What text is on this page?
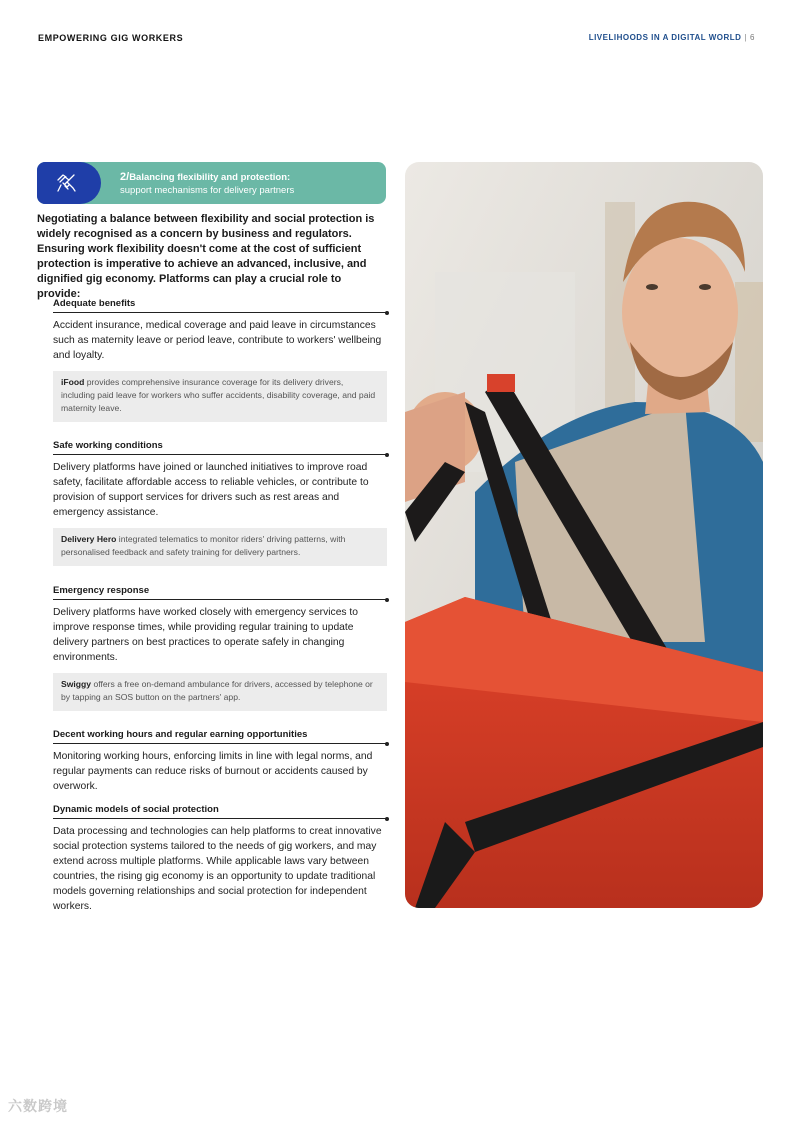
EMPOWERING GIG WORKERS	LIVELIHOODS IN A DIGITAL WORLD | 6
2/Balancing flexibility and protection:
support mechanisms for delivery partners
Negotiating a balance between flexibility and social protection is widely recognised as a concern by business and regulators. Ensuring work flexibility doesn't come at the cost of sufficient protection is imperative to achieve an advanced, inclusive, and dignified gig economy. Platforms can play a crucial role to provide:
Adequate benefits
Accident insurance, medical coverage and paid leave in circumstances such as maternity leave or period leave, contribute to workers' wellbeing and loyalty.
iFood provides comprehensive insurance coverage for its delivery drivers, including paid leave for workers who suffer accidents, disability coverage, and paid maternity leave.
Safe working conditions
Delivery platforms have joined or launched initiatives to improve road safety, facilitate affordable access to reliable vehicles, or contribute to provision of support services for drivers such as rest areas and emergency assistance.
Delivery Hero integrated telematics to monitor riders' driving patterns, with personalised feedback and safety training for delivery partners.
Emergency response
Delivery platforms have worked closely with emergency services to improve response times, while providing regular training to update delivery partners on best practices to operate safely in changing environments.
Swiggy offers a free on-demand ambulance for drivers, accessed by telephone or by tapping an SOS button on the partners' app.
Decent working hours and regular earning opportunities
Monitoring working hours, enforcing limits in line with legal norms, and regular payments can reduce risks of burnout or accidents caused by overwork.
Dynamic models of social protection
Data processing and technologies can help platforms to creat innovative social protection systems tailored to the needs of gig workers, and may extend across multiple platforms. While applicable laws vary between countries, the rising gig economy is an opportunity to update traditional models governing relationships and social protection for independent workers.
六数跨境
